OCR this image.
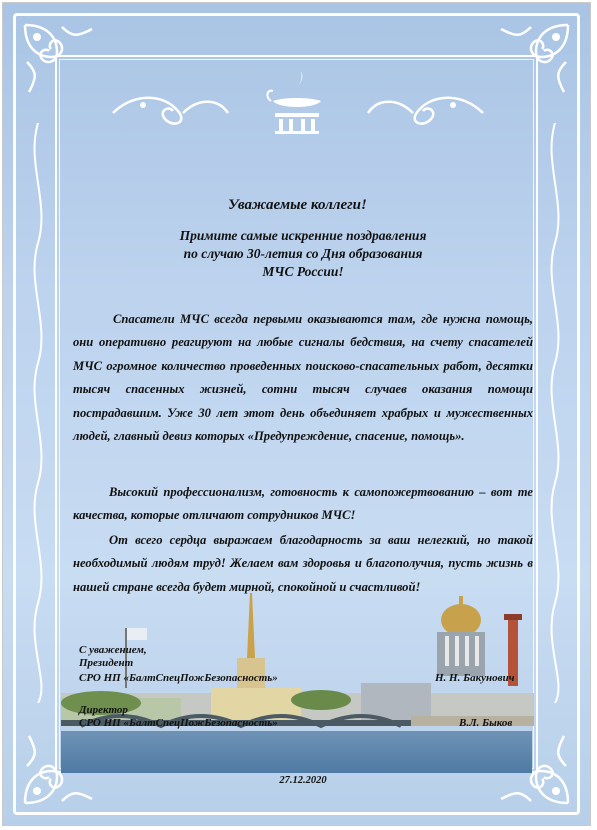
Уважаемые коллеги!
Примите самые искренние поздравления
по случаю 30-летия со Дня образования
МЧС России!
Спасатели МЧС всегда первыми оказываются там, где нужна помощь, они оперативно реагируют на любые сигналы бедствия, на счету спасателей МЧС огромное количество проведенных поисково-спасательных работ, десятки тысяч спасенных жизней, сотни тысяч случаев оказания помощи пострадавшим. Уже 30 лет этот день объединяет храбрых и мужественных людей, главный девиз которых «Предупреждение, спасение, помощь».
Высокий профессионализм, готовность к самопожертвованию – вот те качества, которые отличают сотрудников МЧС!
От всего сердца выражаем благодарность за ваш нелегкий, но такой необходимый людям труд! Желаем вам здоровья и благополучия, пусть жизнь в нашей стране всегда будет мирной, спокойной и счастливой!
С уважением,
Президент
СРО НП «БалтСпецПожБезопасность»	Н. Н. Бакунович
Директор
СРО НП «БалтСпецПожБезопасность»	В.Л. Быков
27.12.2020
